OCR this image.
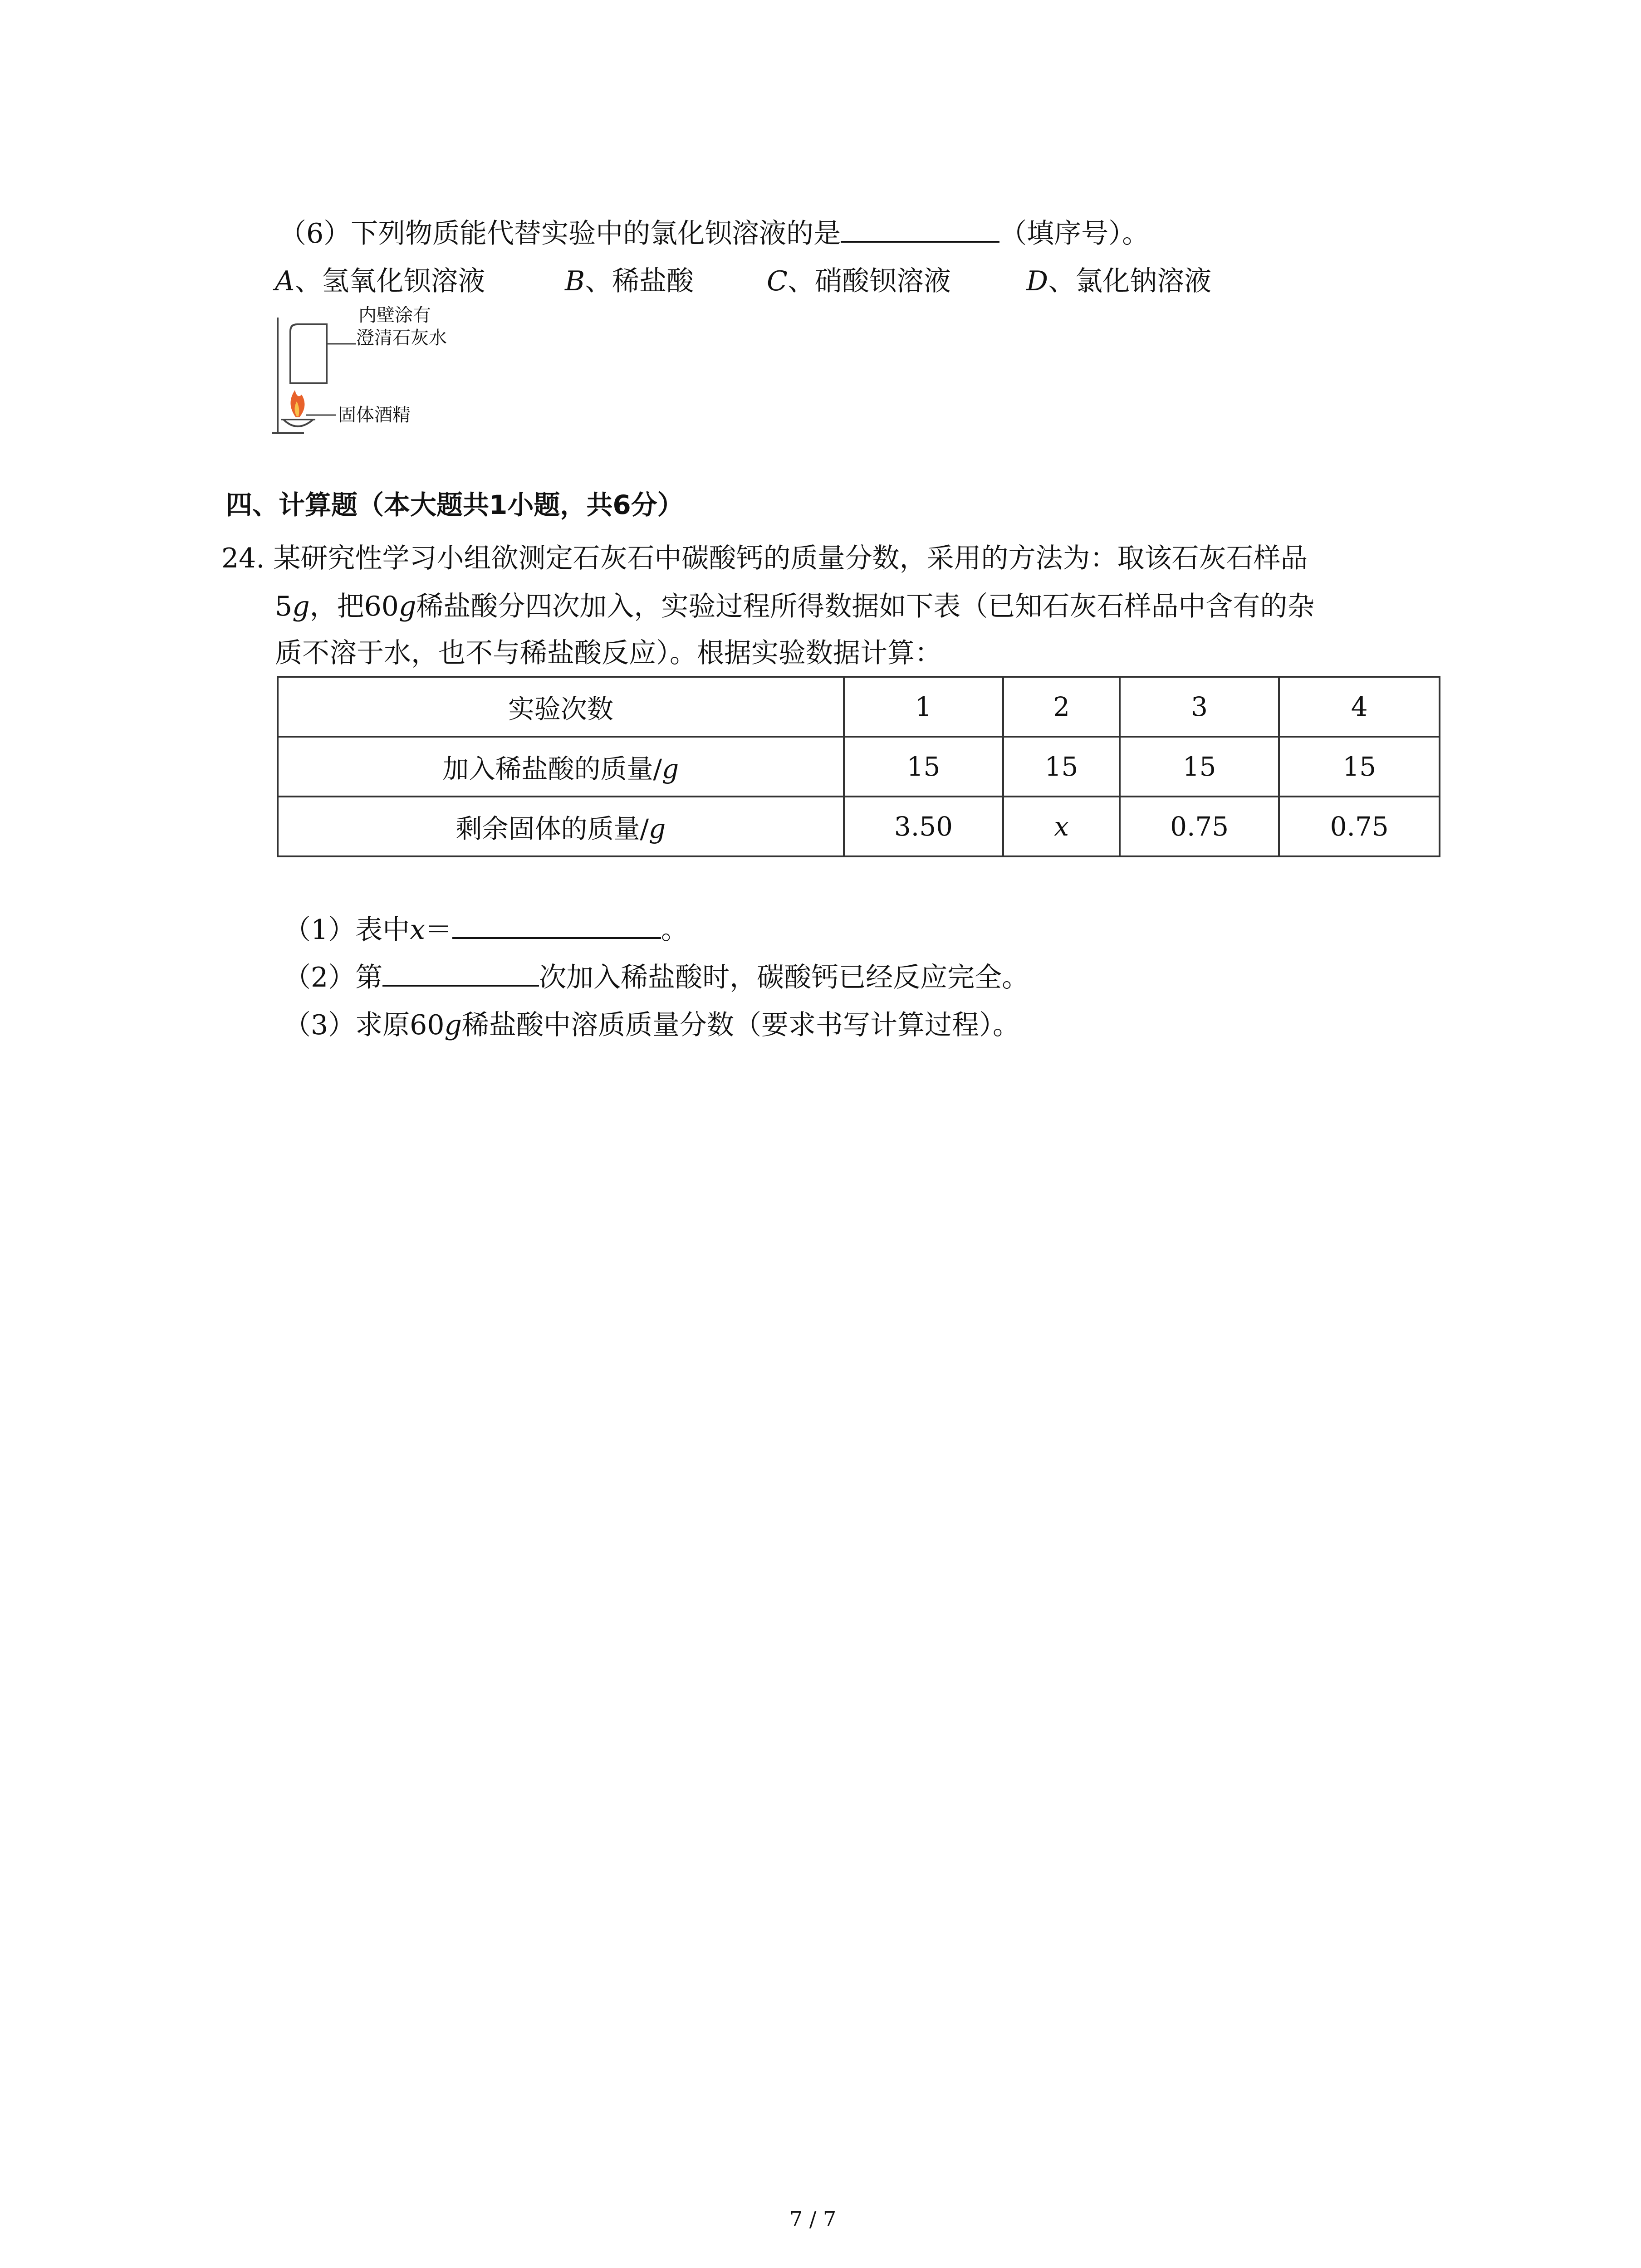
（6）下列物质能代替实验中的氯化钡溶液的是	（填序号）。
A、氢氧化钡溶液	B、稀盐酸	C、硝酸钡溶液	D、氯化钠溶液
内壁涂有
澄清石灰水
固体酒精
四、计算题（本大题共1小题，共6分）
24. 某研究性学习小组欲测定石灰石中碳酸钙的质量分数，采用的方法为：取该石灰石样品
5g，把60g稀盐酸分四次加入，实验过程所得数据如下表（已知石灰石样品中含有的杂
质不溶于水，也不与稀盐酸反应）。根据实验数据计算：
实验次数	1	2	3	4
加入稀盐酸的质量/g	15	15	15	15
剩余固体的质量/g	3.50	x	0.75	0.75
（1）表中x＝	。
（2）第	次加入稀盐酸时，碳酸钙已经反应完全。
（3）求原60g稀盐酸中溶质质量分数（要求书写计算过程）。
7 / 7
